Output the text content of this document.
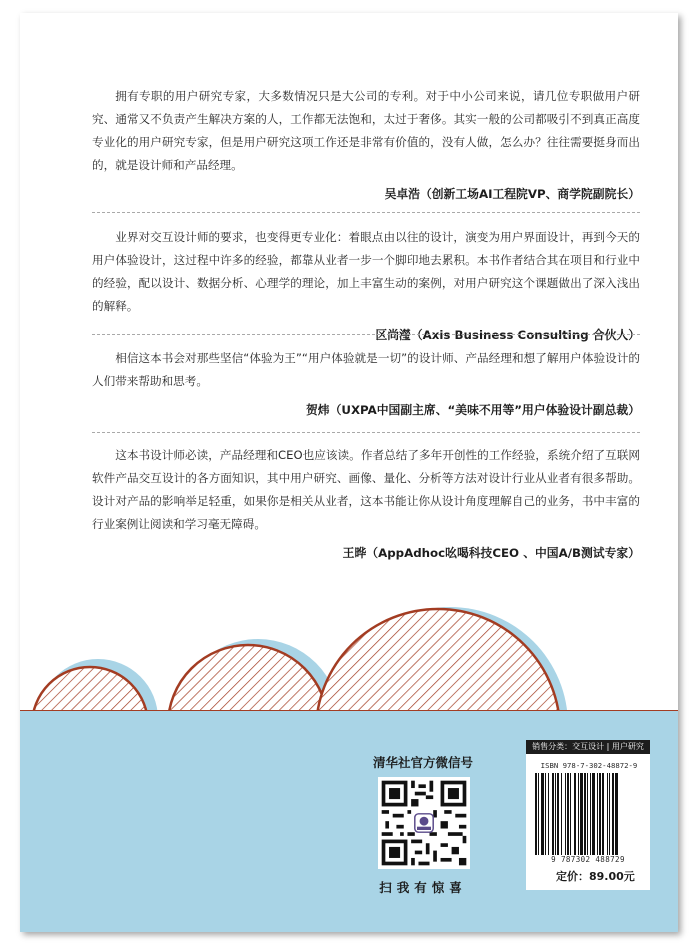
拥有专职的用户研究专家，大多数情况只是大公司的专利。对于中小公司来说，请几位专职做用户研究、通常又不负责产生解决方案的人，工作都无法饱和，太过于奢侈。其实一般的公司都吸引不到真正高度专业化的用户研究专家，但是用户研究这项工作还是非常有价值的，没有人做，怎么办？往往需要挺身而出的，就是设计师和产品经理。

吴卓浩（创新工场AI工程院VP、商学院副院长）

业界对交互设计师的要求，也变得更专业化：着眼点由以往的设计，演变为用户界面设计，再到今天的用户体验设计，这过程中许多的经验，都靠从业者一步一个脚印地去累积。本书作者结合其在项目和行业中的经验，配以设计、数据分析、心理学的理论，加上丰富生动的案例，对用户研究这个课题做出了深入浅出的解释。

区尚瀅（Axis Business Consulting 合伙人）

相信这本书会对那些坚信“体验为王”“用户体验就是一切”的设计师、产品经理和想了解用户体验设计的人们带来帮助和思考。

贺炜（UXPA中国副主席、“美味不用等”用户体验设计副总裁）

这本书设计师必读，产品经理和CEO也应该读。作者总结了多年开创性的工作经验，系统介绍了互联网软件产品交互设计的各方面知识，其中用户研究、画像、量化、分析等方法对设计行业从业者有很多帮助。设计对产品的影响举足轻重，如果你是相关从业者，这本书能让你从设计角度理解自己的业务，书中丰富的行业案例让阅读和学习毫无障碍。

王晔（AppAdhoc吆喝科技CEO 、中国A/B测试专家）
清华社官方微信号
扫我有惊喜
销售分类：交互设计 | 用户研究
ISBN 978-7-302-48872-9
9 787302 488729
定价：89.00元
